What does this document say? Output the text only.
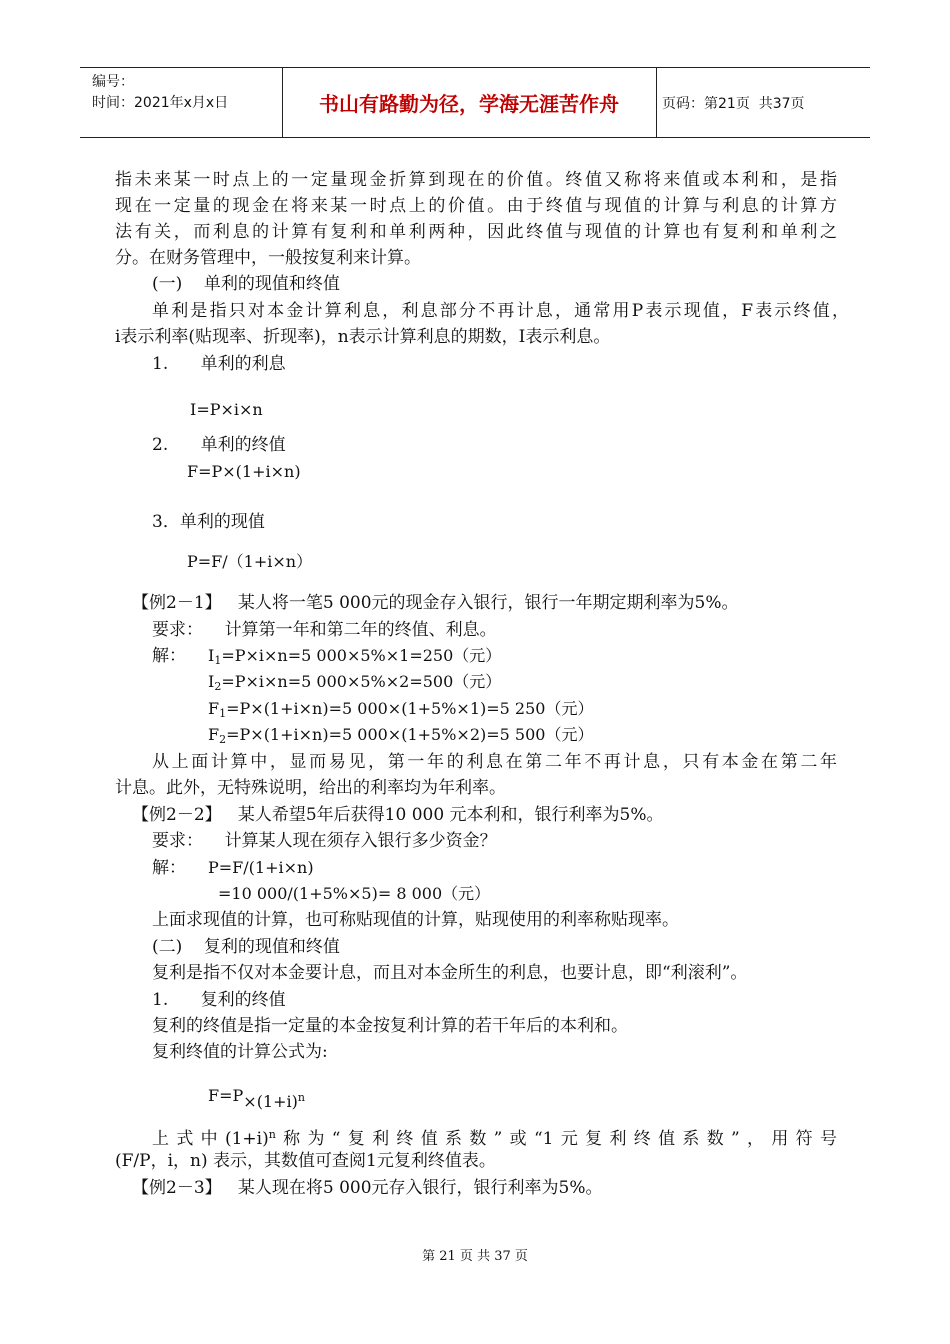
编号：
时间：2021年x月x日	书山有路勤为径，学海无涯苦作舟	页码：第21页  共37页
指未来某一时点上的一定量现金折算到现在的价值。终值又称将来值或本利和，是指
现在一定量的现金在将来某一时点上的价值。由于终值与现值的计算与利息的计算方
法有关，而利息的计算有复利和单利两种，因此终值与现值的计算也有复利和单利之
分。在财务管理中，一般按复利来计算。
(一)    单利的现值和终值
单利是指只对本金计算利息，利息部分不再计息，通常用P表示现值，F表示终值，
i表示利率(贴现率、折现率)，n表示计算利息的期数，I表示利息。
1.      单利的利息
I=P×i×n
2.      单利的终值
F=P×(1+i×n)
3．单利的现值
P=F/（1+i×n）
【例2－1】   某人将一笔5 000元的现金存入银行，银行一年期定期利率为5%。
要求：    计算第一年和第二年的终值、利息。
解： $I_1=P\times i\times n=5$ 000×5%×1=250（元）
$I_2=P\times i\times n=5$ 000×5%×2=500（元）
$F_1=P\times(1+i\times n)=5$ 000×(1+5%×1)=5 250（元）
$F_2=P\times(1+i\times n)=5$ 000×(1+5%×2)=5 500（元）
从上面计算中，显而易见，第一年的利息在第二年不再计息，只有本金在第二年
计息。此外，无特殊说明，给出的利率均为年利率。
【例2－2】   某人希望5年后获得10 000 元本利和，银行利率为5%。
要求：    计算某人现在须存入银行多少资金？
解： P=F/(1+i×n)
=10 000/(1+5%×5)= 8 000（元）
上面求现值的计算，也可称贴现值的计算，贴现使用的利率称贴现率。
(二)    复利的现值和终值
复利是指不仅对本金要计息，而且对本金所生的利息，也要计息，即“利滚利”。
1.      复利的终值
复利的终值是指一定量的本金按复利计算的若干年后的本利和。
复利终值的计算公式为:
$F=P\times(1+i)^n$
上式中$(1+i)^n$称为“复利终值系数”或“1元复利终值系数”，用符号
(F/P，i，n) 表示，其数值可查阅1元复利终值表。
【例2－3】   某人现在将5 000元存入银行，银行利率为5%。
第 21 页 共 37 页
